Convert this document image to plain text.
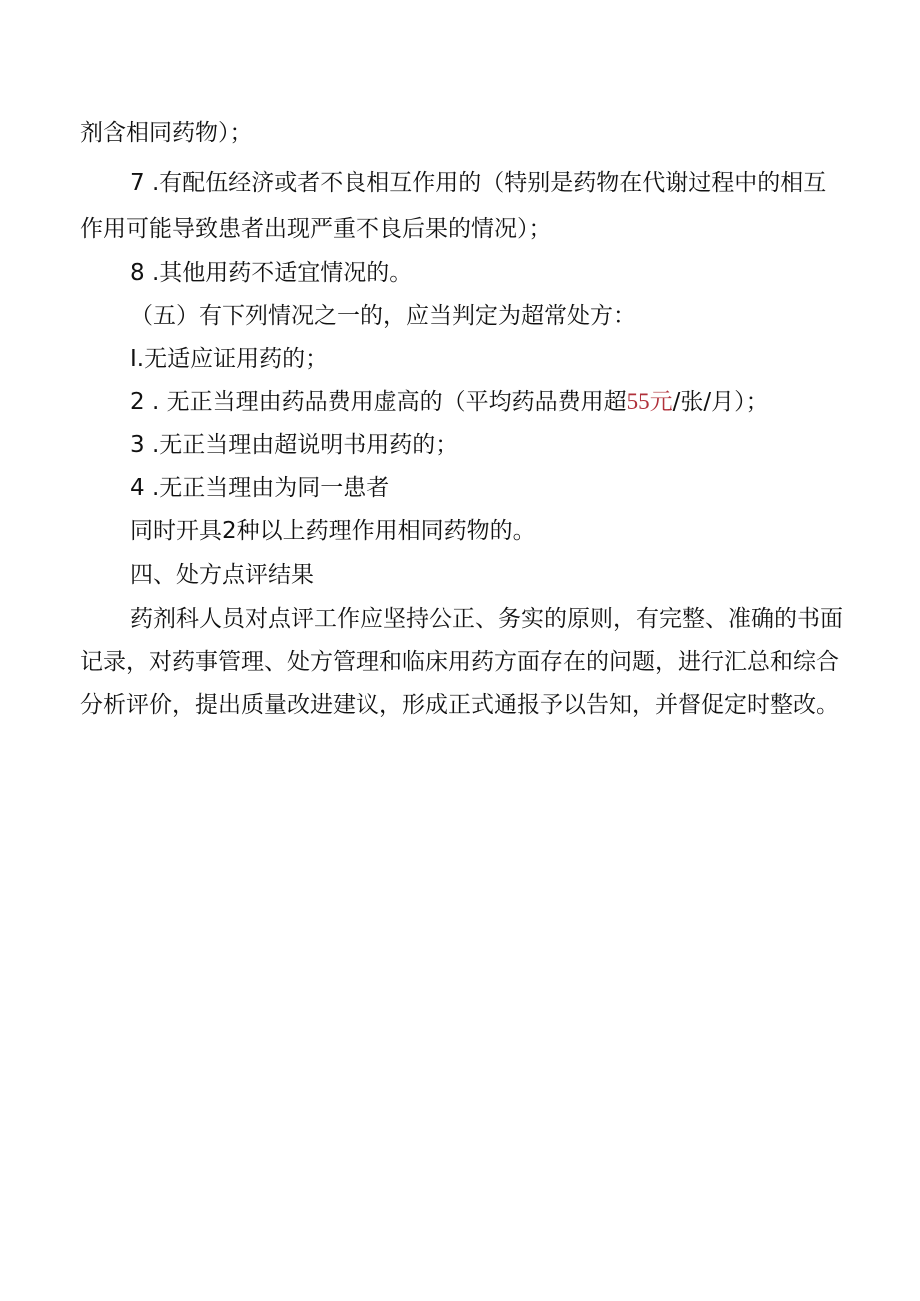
剂含相同药物）；
7 .有配伍经济或者不良相互作用的（特别是药物在代谢过程中的相互
作用可能导致患者出现严重不良后果的情况）；
8 .其他用药不适宜情况的。
（五）有下列情况之一的，应当判定为超常处方：
I.无适应证用药的；
2 . 无正当理由药品费用虚高的（平均药品费用超55元/张/月）；
3 .无正当理由超说明书用药的；
4 .无正当理由为同一患者
同时开具2种以上药理作用相同药物的。
四、处方点评结果
药剂科人员对点评工作应坚持公正、务实的原则，有完整、准确的书面
记录，对药事管理、处方管理和临床用药方面存在的问题，进行汇总和综合
分析评价，提出质量改进建议，形成正式通报予以告知，并督促定时整改。
